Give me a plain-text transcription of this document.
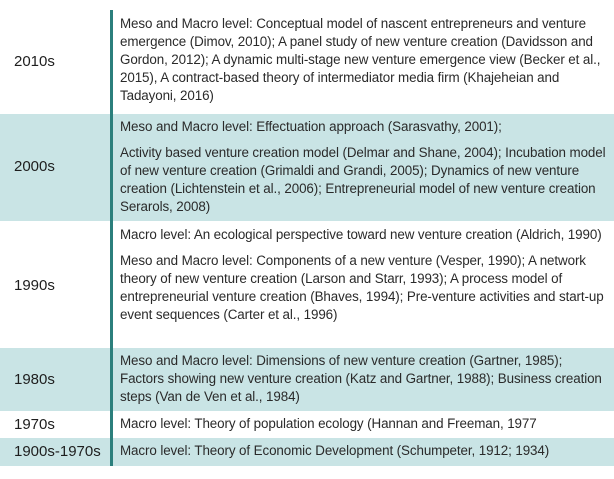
2010s

Meso and Macro level: Conceptual model of nascent entrepreneurs and venture emergence (Dimov, 2010); A panel study of new venture creation (Davidsson and Gordon, 2012); A dynamic multi-stage new venture emergence view (Becker et al., 2015), A contract-based theory of intermediator media firm (Khajeheian and Tadayoni, 2016)

2000s

Meso and Macro level: Effectuation approach (Sarasvathy, 2001);

Activity based venture creation model (Delmar and Shane, 2004); Incubation model of new venture creation (Grimaldi and Grandi, 2005); Dynamics of new venture creation (Lichtenstein et al., 2006); Entrepreneurial model of new venture creation Serarols, 2008)

1990s

Macro level: An ecological perspective toward new venture creation (Aldrich, 1990)

Meso and Macro level: Components of a new venture (Vesper, 1990); A network theory of new venture creation (Larson and Starr, 1993); A process model of entrepreneurial venture creation (Bhaves, 1994); Pre-venture activities and start-up event sequences (Carter et al., 1996)

1980s

Meso and Macro level: Dimensions of new venture creation (Gartner, 1985); Factors showing new venture creation (Katz and Gartner, 1988); Business creation steps (Van de Ven et al., 1984)

1970s	Macro level: Theory of population ecology (Hannan and Freeman, 1977

1900s-1970s Macro level: Theory of Economic Development (Schumpeter, 1912; 1934)
